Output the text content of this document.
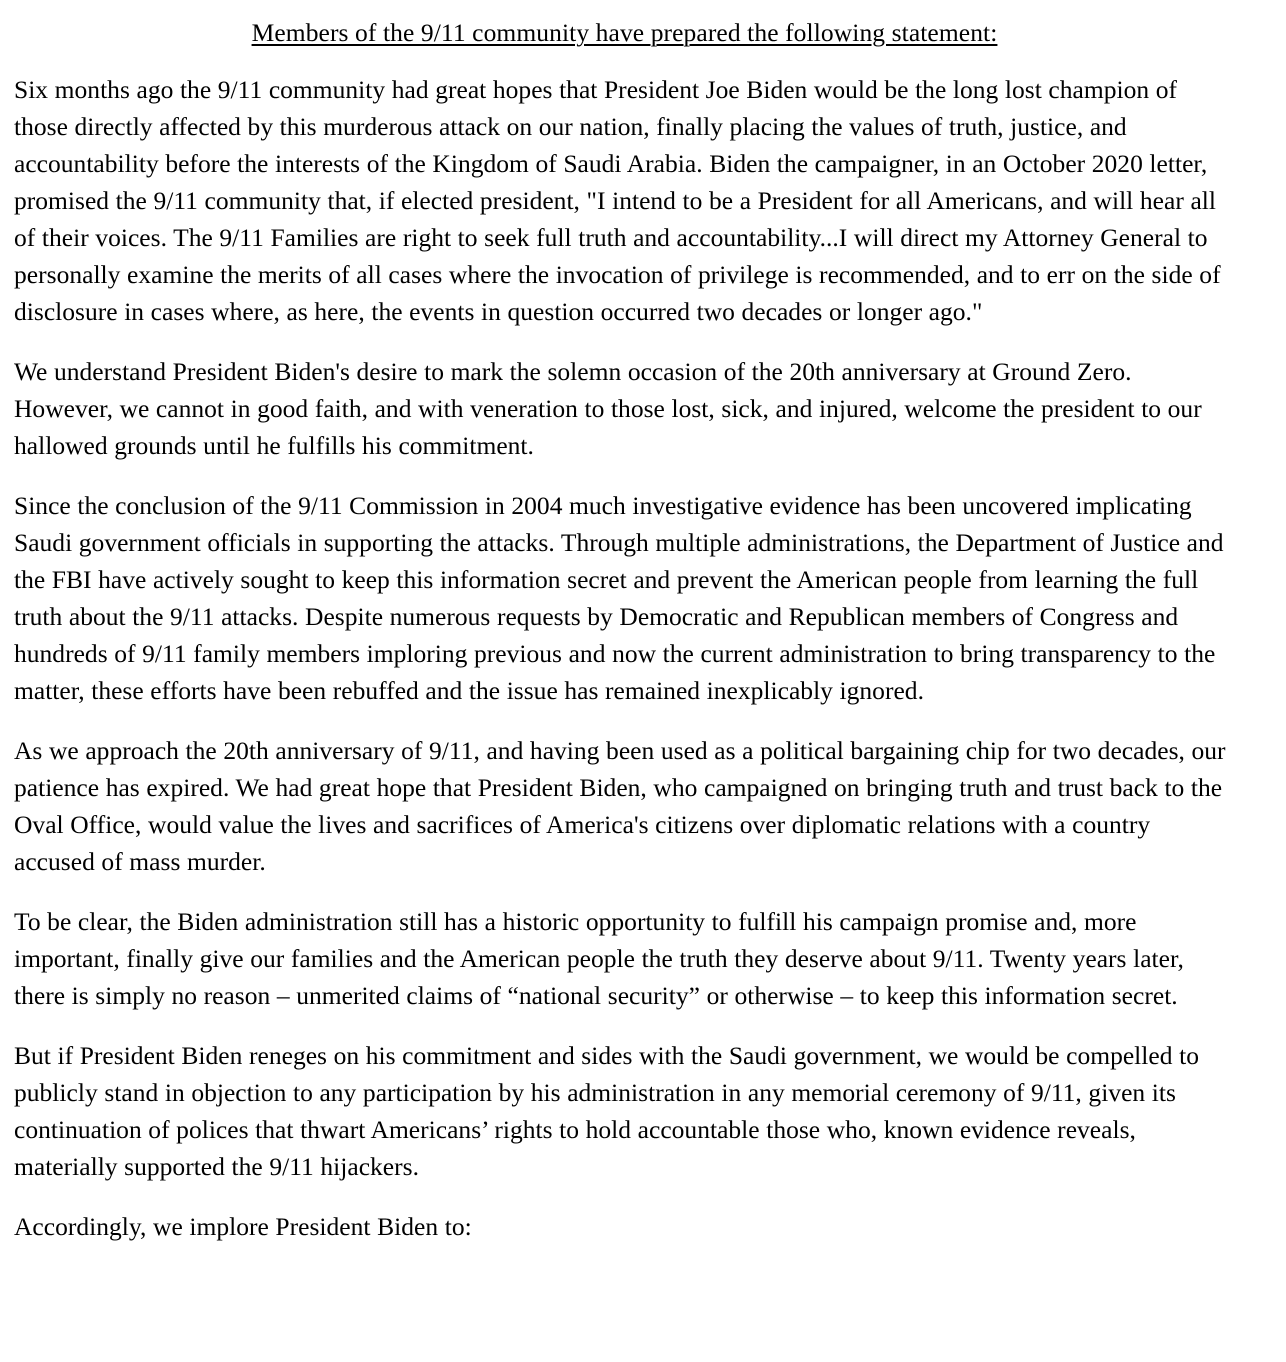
Members of the 9/11 community have prepared the following statement:

Six months ago the 9/11 community had great hopes that President Joe Biden would be the long lost champion of those directly affected by this murderous attack on our nation, finally placing the values of truth, justice, and accountability before the interests of the Kingdom of Saudi Arabia. Biden the campaigner, in an October 2020 letter, promised the 9/11 community that, if elected president, "I intend to be a President for all Americans, and will hear all of their voices. The 9/11 Families are right to seek full truth and accountability...I will direct my Attorney General to personally examine the merits of all cases where the invocation of privilege is recommended, and to err on the side of disclosure in cases where, as here, the events in question occurred two decades or longer ago."

We understand President Biden's desire to mark the solemn occasion of the 20th anniversary at Ground Zero. However, we cannot in good faith, and with veneration to those lost, sick, and injured, welcome the president to our hallowed grounds until he fulfills his commitment.

Since the conclusion of the 9/11 Commission in 2004 much investigative evidence has been uncovered implicating Saudi government officials in supporting the attacks. Through multiple administrations, the Department of Justice and the FBI have actively sought to keep this information secret and prevent the American people from learning the full truth about the 9/11 attacks. Despite numerous requests by Democratic and Republican members of Congress and hundreds of 9/11 family members imploring previous and now the current administration to bring transparency to the matter, these efforts have been rebuffed and the issue has remained inexplicably ignored.

As we approach the 20th anniversary of 9/11, and having been used as a political bargaining chip for two decades, our patience has expired. We had great hope that President Biden, who campaigned on bringing truth and trust back to the Oval Office, would value the lives and sacrifices of America's citizens over diplomatic relations with a country accused of mass murder.

To be clear, the Biden administration still has a historic opportunity to fulfill his campaign promise and, more important, finally give our families and the American people the truth they deserve about 9/11. Twenty years later, there is simply no reason – unmerited claims of “national security” or otherwise – to keep this information secret.

But if President Biden reneges on his commitment and sides with the Saudi government, we would be compelled to publicly stand in objection to any participation by his administration in any memorial ceremony of 9/11, given its continuation of polices that thwart Americans’ rights to hold accountable those who, known evidence reveals, materially supported the 9/11 hijackers.

Accordingly, we implore President Biden to:
